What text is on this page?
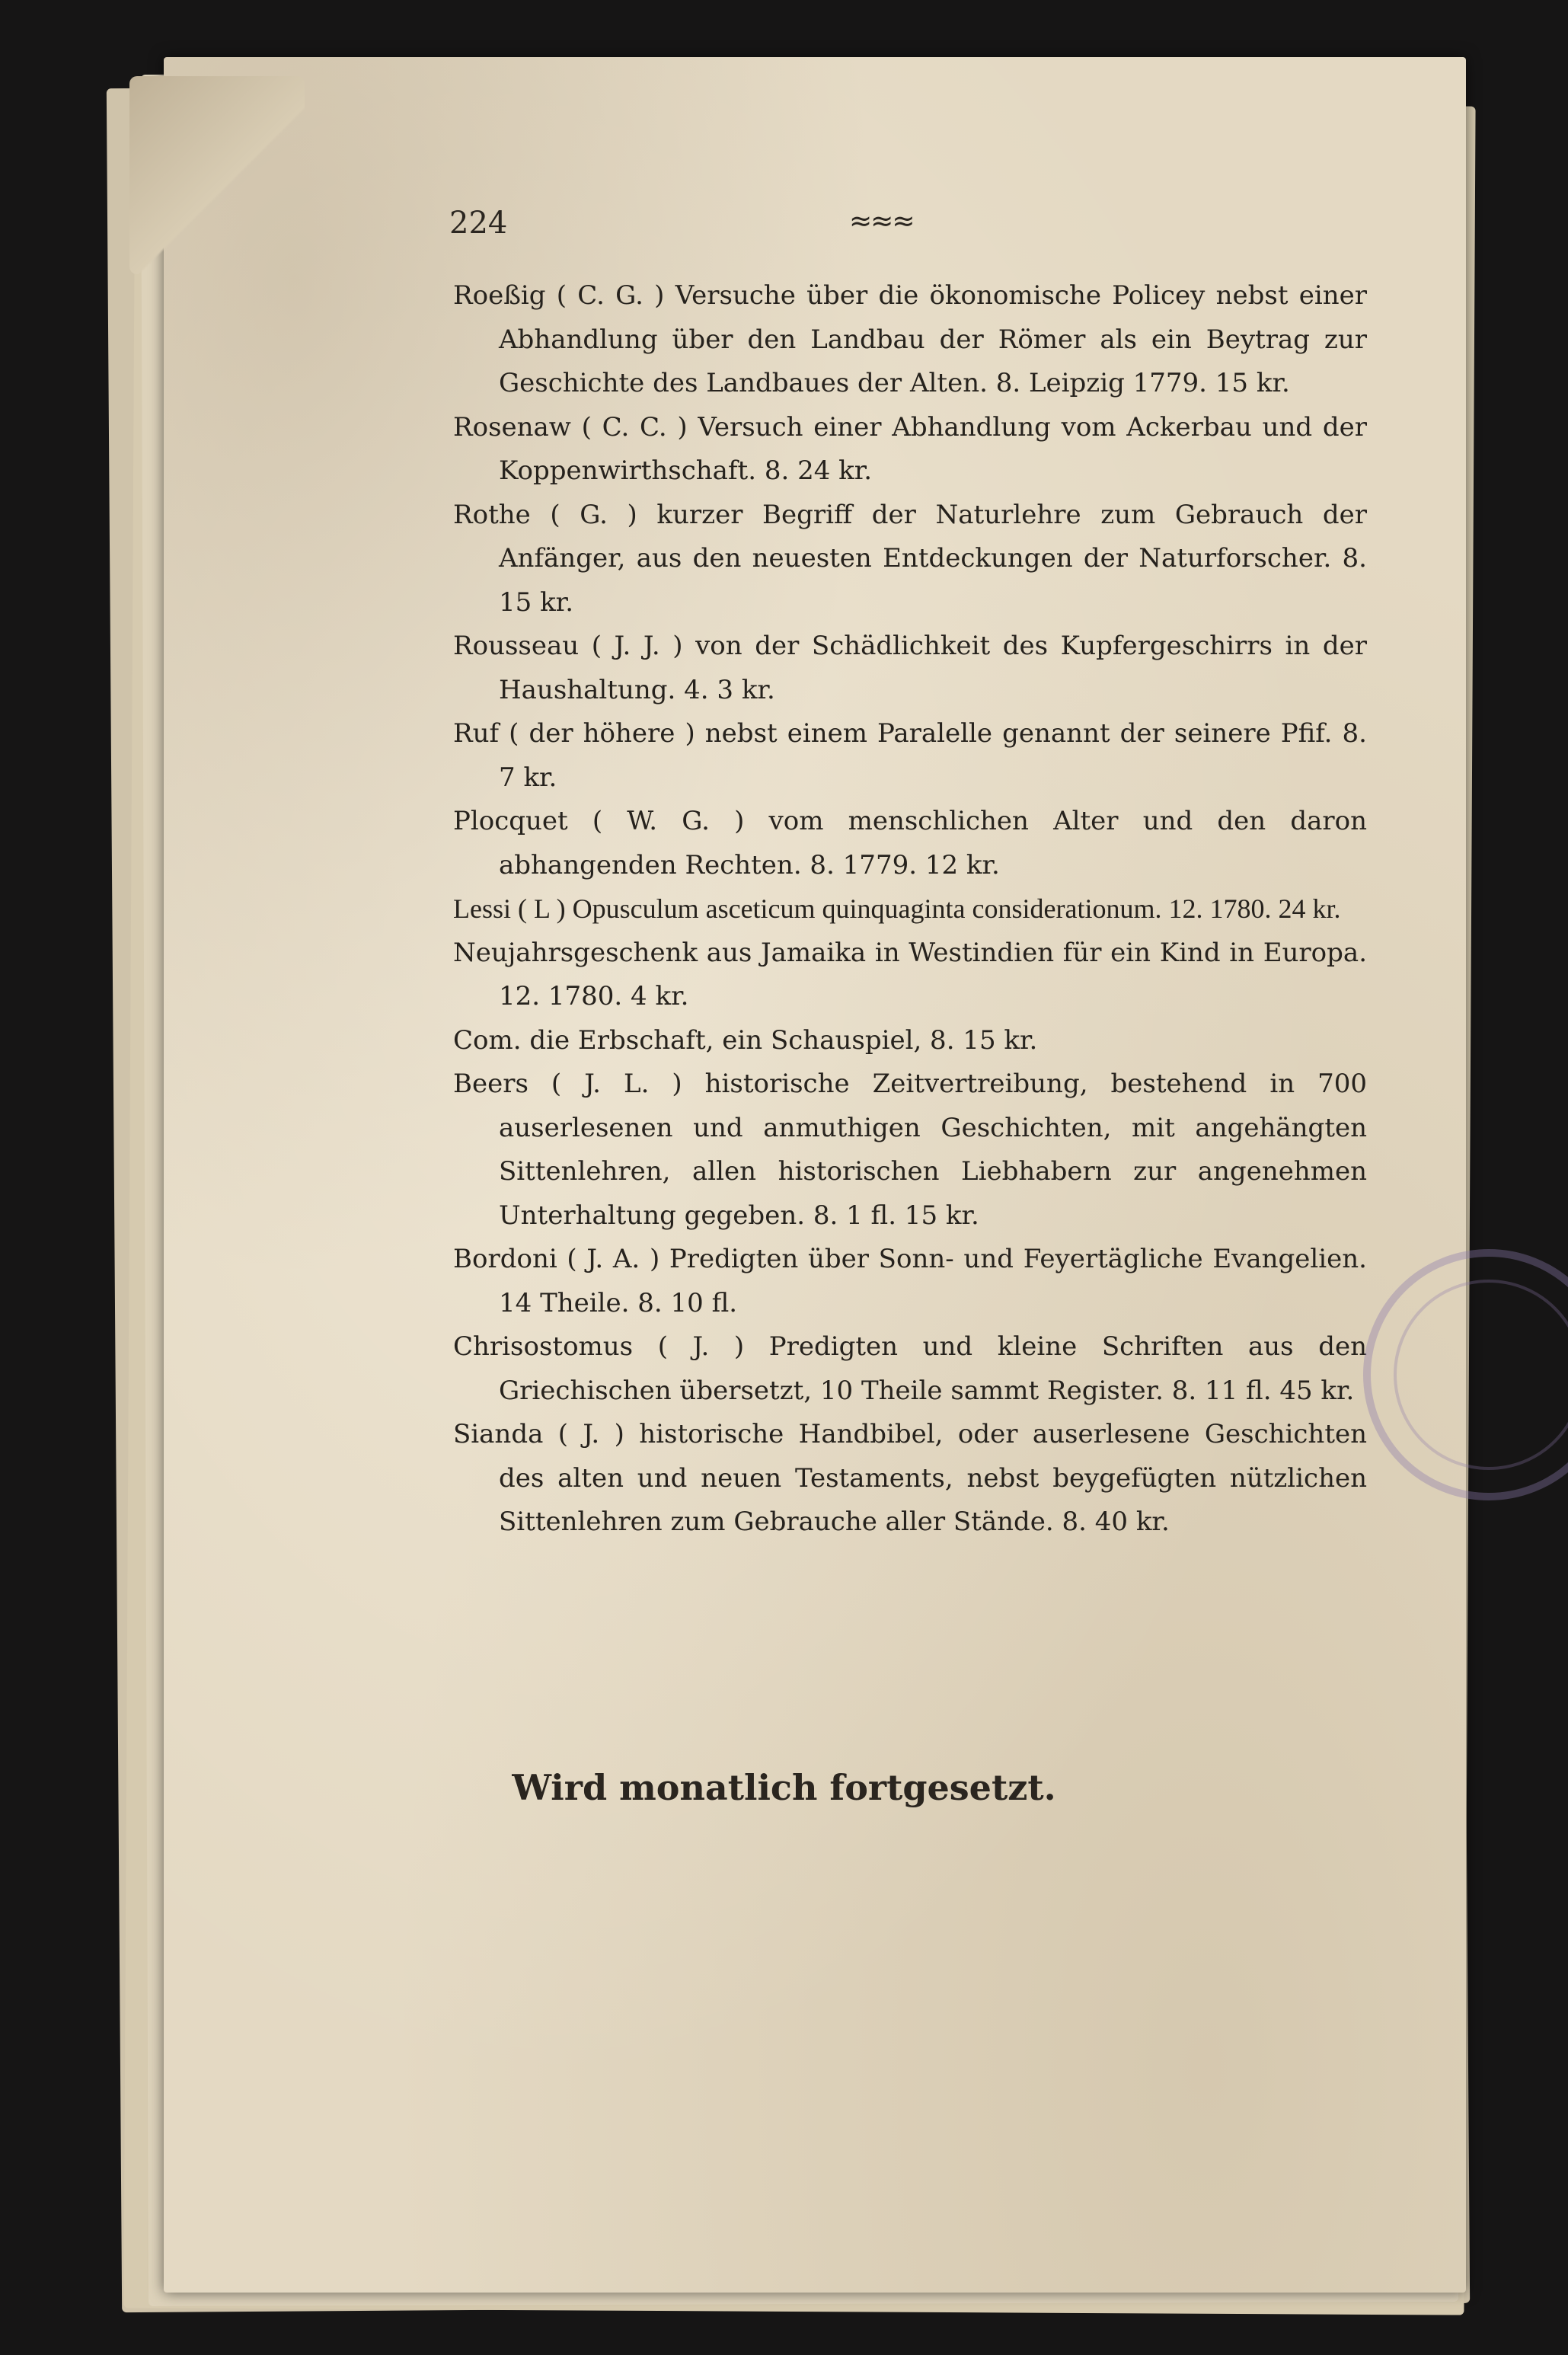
224	≈≈≈

Roeßig ( C. G. ) Versuche über die ökonomische Policey nebst einer Abhandlung über den Landbau der Römer als ein Beytrag zur Geschichte des Landbaues der Alten. 8. Leipzig 1779. 15 kr.

Rosenaw ( C. C. ) Versuch einer Abhandlung vom Ackerbau und der Koppenwirthschaft. 8. 24 kr.

Rothe ( G. ) kurzer Begriff der Naturlehre zum Gebrauch der Anfänger, aus den neuesten Entdeckungen der Naturforscher. 8. 15 kr.

Rousseau ( J. J. ) von der Schädlichkeit des Kupfergeschirrs in der Haushaltung. 4. 3 kr.

Ruf ( der höhere ) nebst einem Paralelle genannt der seinere Pfif. 8. 7 kr.

Plocquet ( W. G. ) vom menschlichen Alter und den daron abhangenden Rechten. 8. 1779. 12 kr.

Lessi ( L ) Opusculum asceticum quinquaginta considerationum. 12. 1780. 24 kr.

Neujahrsgeschenk aus Jamaika in Westindien für ein Kind in Europa. 12. 1780. 4 kr.

Com. die Erbschaft, ein Schauspiel, 8. 15 kr.

Beers ( J. L. ) historische Zeitvertreibung, bestehend in 700 auserlesenen und anmuthigen Geschichten, mit angehängten Sittenlehren, allen historischen Liebhabern zur angenehmen Unterhaltung gegeben. 8. 1 fl. 15 kr.

Bordoni ( J. A. ) Predigten über Sonn- und Feyertägliche Evangelien. 14 Theile. 8. 10 fl.

Chrisostomus ( J. ) Predigten und kleine Schriften aus den Griechischen übersetzt, 10 Theile sammt Register. 8. 11 fl. 45 kr.

Sianda ( J. ) historische Handbibel, oder auserlesene Geschichten des alten und neuen Testaments, nebst beygefügten nützlichen Sittenlehren zum Gebrauche aller Stände. 8. 40 kr.

Wird monatlich fortgesetzt.
